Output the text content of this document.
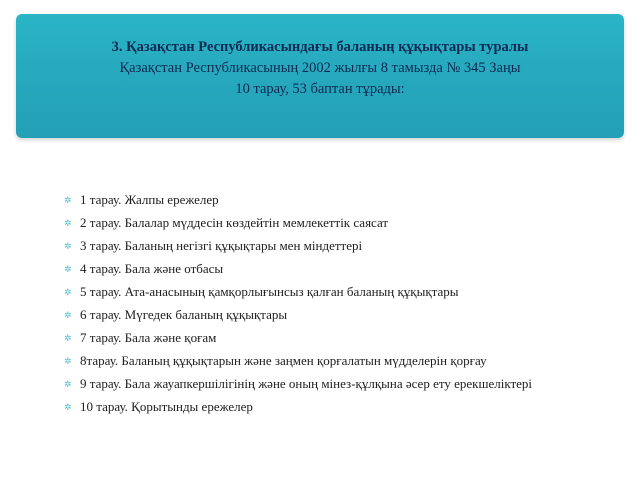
3. Қазақстан Республикасындағы баланың құқықтары туралы
Қазақстан Республикасының 2002 жылғы 8 тамызда № 345 Заңы
10 тарау, 53 баптан тұрады:
✲ 1 тарау. Жалпы ережелер
✲ 2 тарау. Балалар мүддесін көздейтін мемлекеттік саясат
✲ 3 тарау. Баланың негізгі құқықтары мен міндеттері
✲ 4 тарау. Бала және отбасы
✲ 5 тарау. Ата-анасының қамқорлығынсыз қалған баланың құқықтары
✲ 6 тарау. Мүгедек баланың құқықтары
✲ 7 тарау. Бала және қоғам
✲ 8тарау. Баланың құқықтарын және заңмен қорғалатын мүдделерін қорғау
✲ 9 тарау. Бала жауапкершілігінің және оның мінез-құлқына әсер ету ерекшеліктері
✲ 10 тарау. Қорытынды ережелер
